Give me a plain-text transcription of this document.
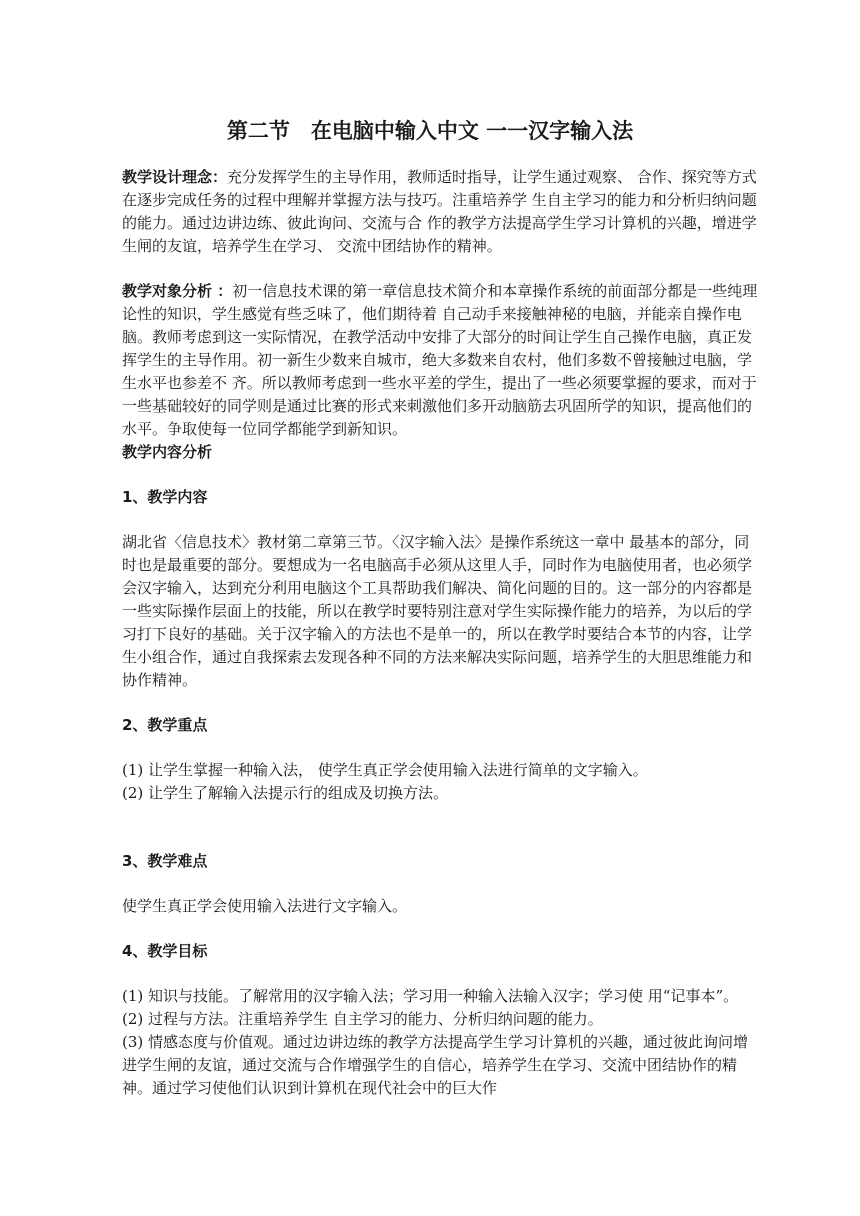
第二节　在电脑中输入中文 一一汉字输入法

教学设计理念：充分发挥学生的主导作用，教师适时指导，让学生通过观察、 合作、探究等方式在逐步完成任务的过程中理解并掌握方法与技巧。注重培养学 生自主学习的能力和分析归纳问题的能力。通过边讲边练、彼此询问、交流与合 作的教学方法提高学生学习计算机的兴趣，增进学生闸的友谊，培养学生在学习、 交流中团结协作的精神。

教学对象分析 ：初一信息技术课的第一章信息技术简介和本章操作系统的前面部分都是一些纯理论性的知识，学生感觉有些乏味了，他们期待着 自己动手来接触神秘的电脑，并能亲自操作电脑。教师考虑到这一实际情况，在教学活动中安排了大部分的时间让学生自己操作电脑，真正发挥学生的主导作用。初一新生少数来自城市，绝大多数来自农村，他们多数不曾接触过电脑，学生水平也参差不 齐。所以教师考虑到一些水平差的学生，提出了一些必须要掌握的要求，而对于 一些基础较好的同学则是通过比赛的形式来刺激他们多开动脑筋去巩固所学的知识，提高他们的水平。争取使每一位同学都能学到新知识。

教学内容分析

1、教学内容

湖北省〈信息技术〉教材第二章第三节。〈汉字输入法〉是操作系统这一章中 最基本的部分，同时也是最重要的部分。要想成为一名电脑高手必须从这里人手，同时作为电脑使用者，也必须学会汉字输入，达到充分利用电脑这个工具帮助我们解决、简化问题的目的。这一部分的内容都是一些实际操作层面上的技能，所以在教学时要特别注意对学生实际操作能力的培养，为以后的学习打下良好的基础。关于汉字输入的方法也不是单一的，所以在教学时要结合本节的内容，让学生小组合作，通过自我探索去发现各种不同的方法来解决实际问题，培养学生的大胆思维能力和协作精神。

2、教学重点

(1) 让学生掌握一种输入法， 使学生真正学会使用输入法进行简单的文字输入。

(2) 让学生了解输入法提示行的组成及切换方法。

3、教学难点

使学生真正学会使用输入法进行文字输入。

4、教学目标

(1) 知识与技能。了解常用的汉字输入法；学习用一种输入法输入汉字；学习使 用“记事本”。

(2) 过程与方法。注重培养学生 自主学习的能力、分析归纳问题的能力。

(3) 情感态度与价值观。通过边讲边练的教学方法提高学生学习计算机的兴趣，通过彼此询问增进学生闸的友谊，通过交流与合作增强学生的自信心，培养学生在学习、交流中团结协作的精神。通过学习使他们认识到计算机在现代社会中的巨大作
